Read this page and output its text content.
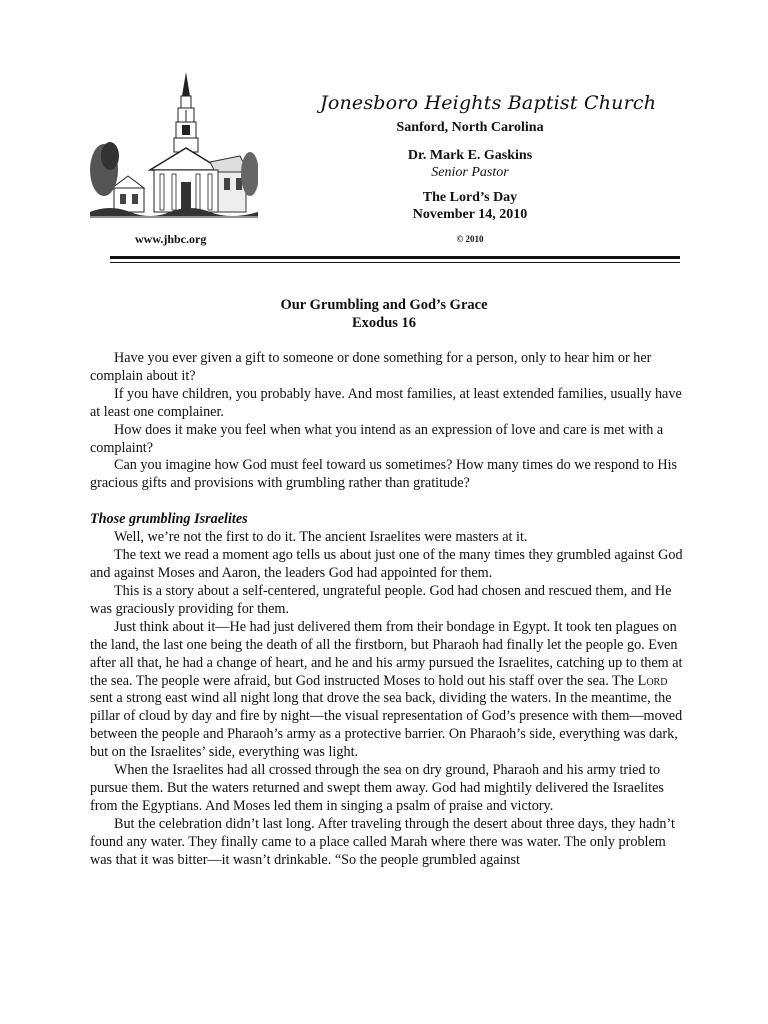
Jonesboro Heights Baptist Church
Sanford, North Carolina
Dr. Mark E. Gaskins
Senior Pastor
The Lord’s Day
November 14, 2010
www.jhbc.org	© 2010
Our Grumbling and God’s Grace
Exodus 16

Have you ever given a gift to someone or done something for a person, only to hear him or her complain about it?

If you have children, you probably have. And most families, at least extended families, usually have at least one complainer.

How does it make you feel when what you intend as an expression of love and care is met with a complaint?

Can you imagine how God must feel toward us sometimes? How many times do we respond to His gracious gifts and provisions with grumbling rather than gratitude?

Those grumbling Israelites

Well, we’re not the first to do it. The ancient Israelites were masters at it.

The text we read a moment ago tells us about just one of the many times they grumbled against God and against Moses and Aaron, the leaders God had appointed for them.

This is a story about a self-centered, ungrateful people. God had chosen and rescued them, and He was graciously providing for them.

Just think about it—He had just delivered them from their bondage in Egypt. It took ten plagues on the land, the last one being the death of all the firstborn, but Pharaoh had finally let the people go. Even after all that, he had a change of heart, and he and his army pursued the Israelites, catching up to them at the sea. The people were afraid, but God instructed Moses to hold out his staff over the sea. The Lord sent a strong east wind all night long that drove the sea back, dividing the waters. In the meantime, the pillar of cloud by day and fire by night—the visual representation of God’s presence with them—moved between the people and Pharaoh’s army as a protective barrier. On Pharaoh’s side, everything was dark, but on the Israelites’ side, everything was light.

When the Israelites had all crossed through the sea on dry ground, Pharaoh and his army tried to pursue them. But the waters returned and swept them away. God had mightily delivered the Israelites from the Egyptians. And Moses led them in singing a psalm of praise and victory.

But the celebration didn’t last long. After traveling through the desert about three days, they hadn’t found any water. They finally came to a place called Marah where there was water. The only problem was that it was bitter—it wasn’t drinkable. “So the people grumbled against
